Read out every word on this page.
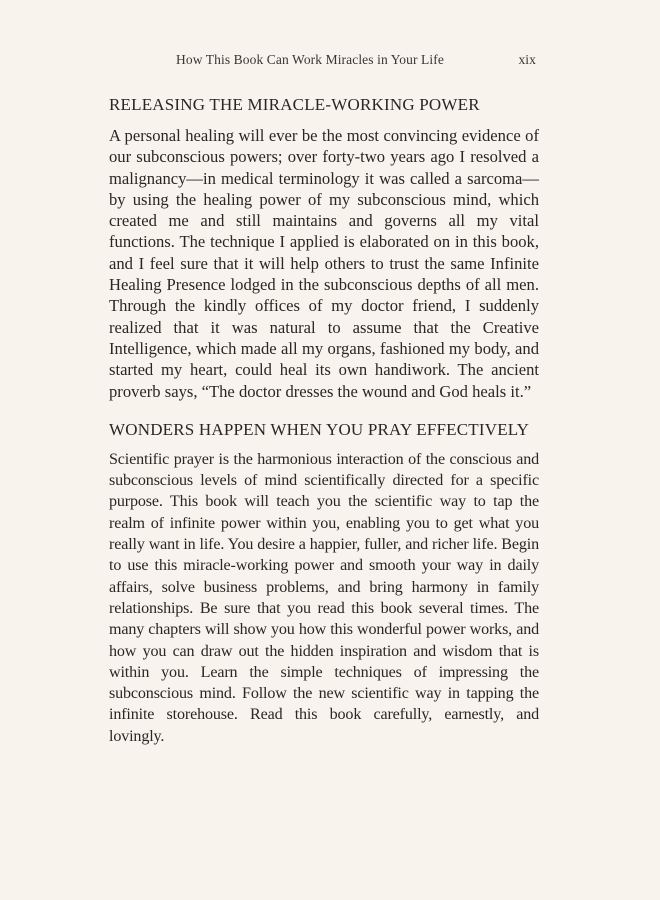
How This Book Can Work Miracles in Your Life	xix
RELEASING THE MIRACLE-WORKING POWER

A personal healing will ever be the most convincing evidence of our subconscious powers; over forty-two years ago I resolved a malignancy—in medical terminology it was called a sarcoma—by using the healing power of my subconscious mind, which created me and still maintains and governs all my vital functions. The technique I applied is elaborated on in this book, and I feel sure that it will help others to trust the same Infinite Healing Presence lodged in the subconscious depths of all men. Through the kindly offices of my doctor friend, I suddenly realized that it was natural to assume that the Creative Intelligence, which made all my organs, fashioned my body, and started my heart, could heal its own handiwork. The ancient proverb says, “The doctor dresses the wound and God heals it.”

WONDERS HAPPEN WHEN YOU PRAY EFFECTIVELY

Scientific prayer is the harmonious interaction of the conscious and subconscious levels of mind scientifically directed for a specific purpose. This book will teach you the scientific way to tap the realm of infinite power within you, enabling you to get what you really want in life. You desire a happier, fuller, and richer life. Begin to use this miracle-working power and smooth your way in daily affairs, solve business problems, and bring harmony in family relationships. Be sure that you read this book several times. The many chapters will show you how this wonderful power works, and how you can draw out the hidden inspiration and wisdom that is within you. Learn the simple techniques of impressing the subconscious mind. Follow the new scientific way in tapping the infinite storehouse. Read this book carefully, earnestly, and lovingly.
